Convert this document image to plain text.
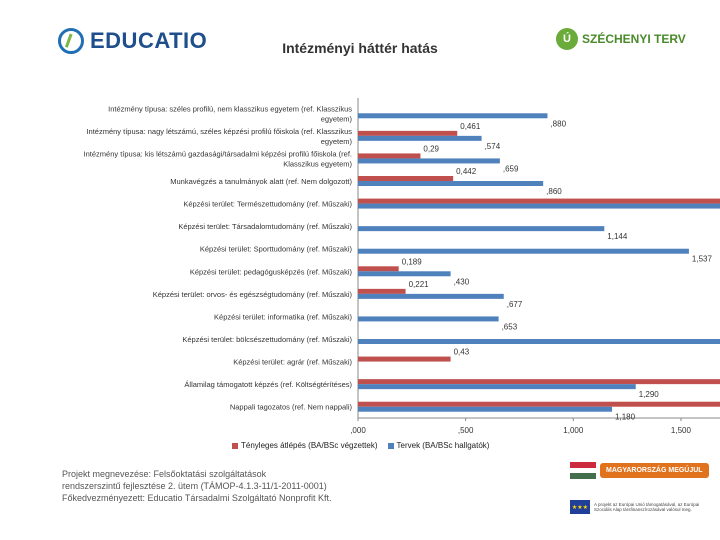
EDUCATIO	Intézményi háttér hatás
Ú SZÉCHENYI TERV
,000	,500	1,000	1,500
Intézmény típusa: széles profilú, nem klasszikus egyetem (ref. Klasszikus
egyetem)
,880
Intézmény típusa: nagy létszámú, széles képzési profilú főiskola (ref. Klasszikus
egyetem)
0,461
,574
Intézmény típusa: kis létszámú gazdasági/társadalmi képzési profilú főiskola (ref.
Klasszikus egyetem)
0,29
,659
Munkavégzés a tanulmányok alatt (ref. Nem dolgozott)
0,442
,860
Képzési terület: Természettudomány (ref. Műszaki)
Képzési terület: Társadalomtudomány (ref. Műszaki)
1,144
Képzési terület: Sporttudomány (ref. Műszaki)
1,537
Képzési terület: pedagógusképzés (ref. Műszaki)
0,189
,430
Képzési terület: orvos- és egészségtudomány (ref. Műszaki)
0,221
,677
Képzési terület: informatika (ref. Műszaki)
,653
Képzési terület: bölcsészettudomány (ref. Műszaki)
Képzési terület: agrár (ref. Műszaki)
0,43
Államilag támogatott képzés (ref. Költségtérítéses)
1,290
Nappali tagozatos (ref. Nem nappali)
1,180
Tényleges átlépés (BA/BSc végzettek) Tervek (BA/BSc hallgatók)
Projekt megnevezése: Felsőoktatási szolgáltatások
rendszerszintű fejlesztése 2. ütem (TÁMOP-4.1.3-11/1-2011-0001)
Főkedvezményezett: Educatio Társadalmi Szolgáltató Nonprofit Kft.
MAGYARORSZÁG MEGÚJUL
★★★
A projekt az Európai Unió támogatásával, az Európai Szociális Alap társfinanszírozásával valósul meg.
